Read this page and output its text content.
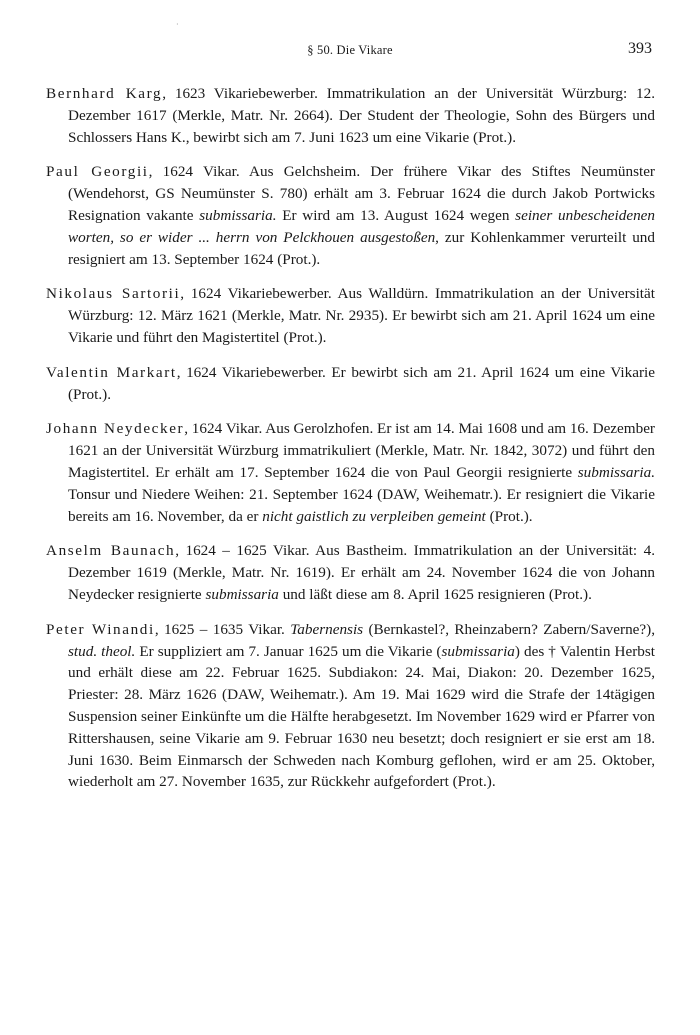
·
§ 50. Die Vikare	393

Bernhard Karg, 1623 Vikariebewerber. Immatrikulation an der Universität Würzburg: 12. Dezember 1617 (Merkle, Matr. Nr. 2664). Der Student der Theologie, Sohn des Bürgers und Schlossers Hans K., bewirbt sich am 7. Juni 1623 um eine Vikarie (Prot.).

Paul Georgii, 1624 Vikar. Aus Gelchsheim. Der frühere Vikar des Stiftes Neumünster (Wendehorst, GS Neumünster S. 780) erhält am 3. Februar 1624 die durch Jakob Portwicks Resignation vakante submissaria. Er wird am 13. August 1624 wegen seiner unbescheidenen worten, so er wider ... herrn von Pelckhouen ausgestoßen, zur Kohlenkammer verurteilt und resigniert am 13. September 1624 (Prot.).

Nikolaus Sartorii, 1624 Vikariebewerber. Aus Walldürn. Immatrikulation an der Universität Würzburg: 12. März 1621 (Merkle, Matr. Nr. 2935). Er bewirbt sich am 21. April 1624 um eine Vikarie und führt den Magistertitel (Prot.).

Valentin Markart, 1624 Vikariebewerber. Er bewirbt sich am 21. April 1624 um eine Vikarie (Prot.).

Johann Neydecker, 1624 Vikar. Aus Gerolzhofen. Er ist am 14. Mai 1608 und am 16. Dezember 1621 an der Universität Würzburg immatrikuliert (Merkle, Matr. Nr. 1842, 3072) und führt den Magistertitel. Er erhält am 17. September 1624 die von Paul Georgii resignierte submissaria. Tonsur und Niedere Weihen: 21. September 1624 (DAW, Weihematr.). Er resigniert die Vikarie bereits am 16. November, da er nicht gaistlich zu verpleiben gemeint (Prot.).

Anselm Baunach, 1624 – 1625 Vikar. Aus Bastheim. Immatrikulation an der Universität: 4. Dezember 1619 (Merkle, Matr. Nr. 1619). Er erhält am 24. November 1624 die von Johann Neydecker resignierte submissaria und läßt diese am 8. April 1625 resignieren (Prot.).

Peter Winandi, 1625 – 1635 Vikar. Tabernensis (Bernkastel?, Rheinzabern? Zabern/Saverne?), stud. theol. Er suppliziert am 7. Januar 1625 um die Vikarie (submissaria) des † Valentin Herbst und erhält diese am 22. Februar 1625. Subdiakon: 24. Mai, Diakon: 20. Dezember 1625, Priester: 28. März 1626 (DAW, Weihematr.). Am 19. Mai 1629 wird die Strafe der 14tägigen Suspension seiner Einkünfte um die Hälfte herabgesetzt. Im November 1629 wird er Pfarrer von Rittershausen, seine Vikarie am 9. Februar 1630 neu besetzt; doch resigniert er sie erst am 18. Juni 1630. Beim Einmarsch der Schweden nach Komburg geflohen, wird er am 25. Oktober, wiederholt am 27. November 1635, zur Rückkehr aufgefordert (Prot.).
